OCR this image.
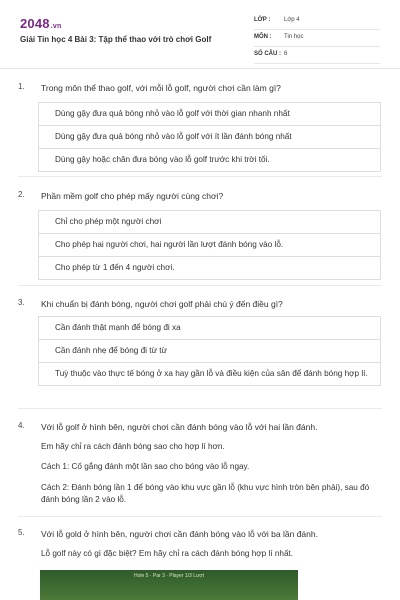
2048.vn
Giải Tin học 4 Bài 3: Tập thể thao với trò chơi Golf
LỚP : Lớp 4
MÔN : Tin học
SỐ CÂU : 6
1. Trong môn thể thao golf, với mỗi lỗ golf, người chơi cần làm gì?
Dùng gậy đưa quả bóng nhỏ vào lỗ golf với thời gian nhanh nhất
Dùng gậy đưa quả bóng nhỏ vào lỗ golf với ít lần đánh bóng nhất
Dùng gậy hoặc chân đưa bóng vào lỗ golf trước khi trời tối.
2. Phần mềm golf cho phép mấy người cùng chơi?
Chỉ cho phép một người chơi
Cho phép hai người chơi, hai người lần lượt đánh bóng vào lỗ.
Cho phép từ 1 đến 4 người chơi.
3. Khi chuẩn bị đánh bóng, người chơi golf phải chú ý đến điều gì?
Cần đánh thật mạnh để bóng đi xa
Cần đánh nhẹ để bóng đi từ từ
Tuỳ thuộc vào thực tế bóng ở xa hay gần lỗ và điều kiện của sân để đánh bóng hợp lí.
4. Với lỗ golf ở hình bên, người chơi cần đánh bóng vào lỗ với hai lần đánh.
Em hãy chỉ ra cách đánh bóng sao cho hợp lí hơn.
Cách 1: Cố gắng đánh một lần sao cho bóng vào lỗ ngay.
Cách 2: Đánh bóng lần 1 để bóng vào khu vực gần lỗ (khu vực hình tròn bên phải), sau đó đánh bóng lần 2 vào lỗ.
5. Với lỗ gold ở hình bên, người chơi cần đánh bóng vào lỗ với ba lần đánh.
Lỗ golf này có gì đặc biệt? Em hãy chỉ ra cách đánh bóng hợp lí nhất.
Hole 5 · Par 3 · Player 1/3 Lượt
